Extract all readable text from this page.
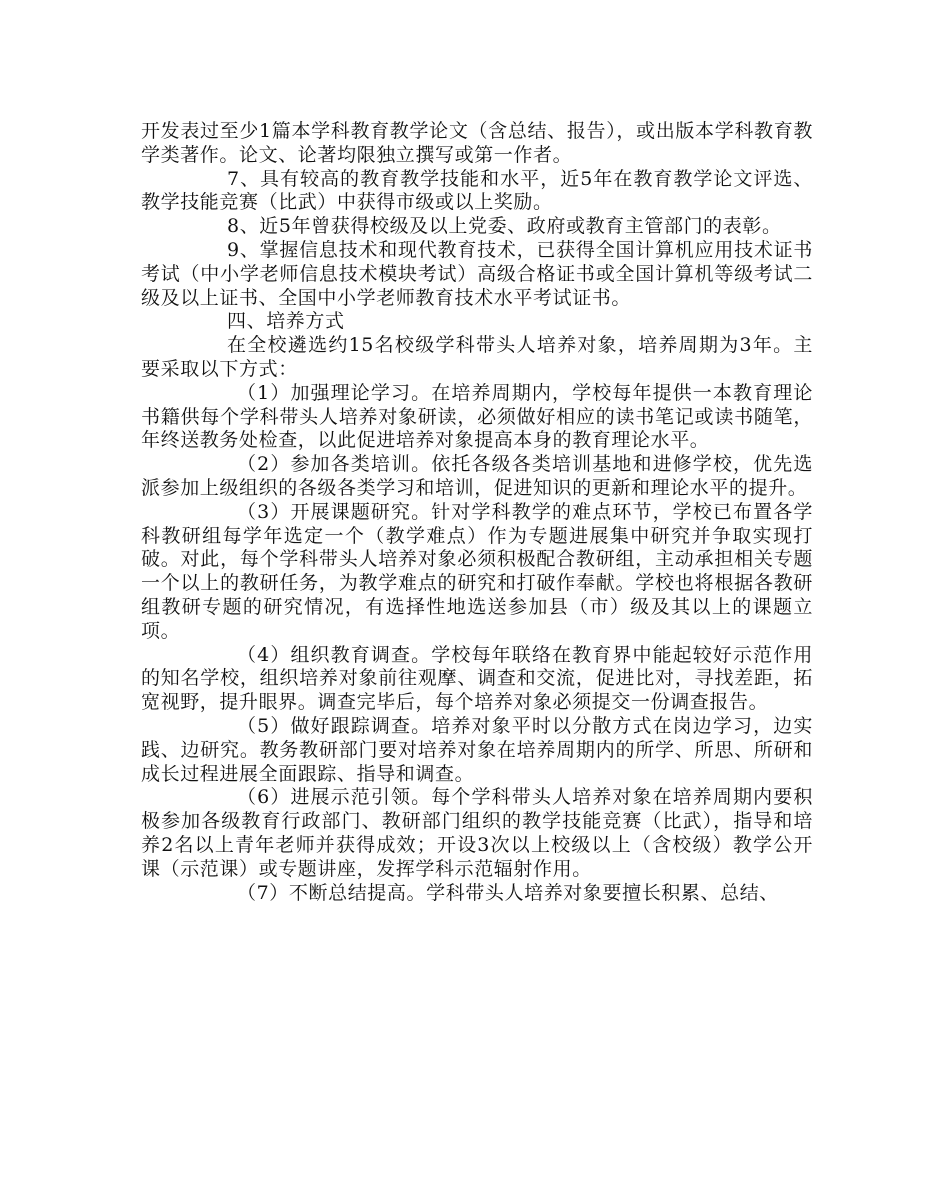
开发表过至少1篇本学科教育教学论文（含总结、报告），或出版本学科教育教学类著作。论文、论著均限独立撰写或第一作者。

7、具有较高的教育教学技能和水平，近5年在教育教学论文评选、教学技能竞赛（比武）中获得市级或以上奖励。

8、近5年曾获得校级及以上党委、政府或教育主管部门的表彰。

9、掌握信息技术和现代教育技术，已获得全国计算机应用技术证书考试（中小学老师信息技术模块考试）高级合格证书或全国计算机等级考试二级及以上证书、全国中小学老师教育技术水平考试证书。

四、培养方式

在全校遴选约15名校级学科带头人培养对象，培养周期为3年。主要采取以下方式：

（1）加强理论学习。在培养周期内，学校每年提供一本教育理论书籍供每个学科带头人培养对象研读，必须做好相应的读书笔记或读书随笔，年终送教务处检查，以此促进培养对象提高本身的教育理论水平。

（2）参加各类培训。依托各级各类培训基地和进修学校，优先选派参加上级组织的各级各类学习和培训，促进知识的更新和理论水平的提升。

（3）开展课题研究。针对学科教学的难点环节，学校已布置各学科教研组每学年选定一个（教学难点）作为专题进展集中研究并争取实现打破。对此，每个学科带头人培养对象必须积极配合教研组，主动承担相关专题一个以上的教研任务，为教学难点的研究和打破作奉献。学校也将根据各教研组教研专题的研究情况，有选择性地选送参加县（市）级及其以上的课题立项。

（4）组织教育调查。学校每年联络在教育界中能起较好示范作用的知名学校，组织培养对象前往观摩、调查和交流，促进比对，寻找差距，拓宽视野，提升眼界。调查完毕后，每个培养对象必须提交一份调查报告。

（5）做好跟踪调查。培养对象平时以分散方式在岗边学习，边实践、边研究。教务教研部门要对培养对象在培养周期内的所学、所思、所研和成长过程进展全面跟踪、指导和调查。

（6）进展示范引领。每个学科带头人培养对象在培养周期内要积极参加各级教育行政部门、教研部门组织的教学技能竞赛（比武），指导和培养2名以上青年老师并获得成效；开设3次以上校级以上（含校级）教学公开课（示范课）或专题讲座，发挥学科示范辐射作用。

（7）不断总结提高。学科带头人培养对象要擅长积累、总结、
